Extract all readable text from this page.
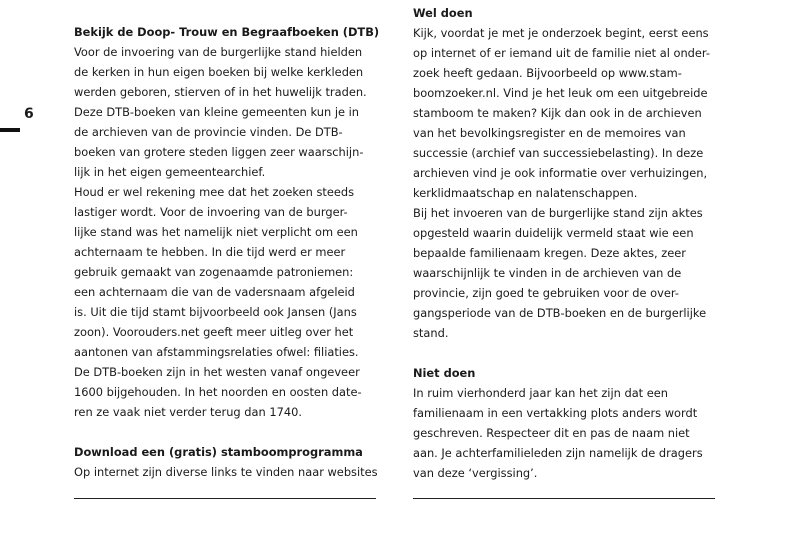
6
Bekijk de Doop- Trouw en Begraafboeken (DTB)
Voor de invoering van de burgerlijke stand hielden
de kerken in hun eigen boeken bij welke kerkleden
werden geboren, stierven of in het huwelijk traden.
Deze DTB-boeken van kleine gemeenten kun je in
de archieven van de provincie vinden. De DTB-
boeken van grotere steden liggen zeer waarschijn-
lijk in het eigen gemeentearchief.
Houd er wel rekening mee dat het zoeken steeds
lastiger wordt. Voor de invoering van de burger-
lijke stand was het namelijk niet verplicht om een
achternaam te hebben. In die tijd werd er meer
gebruik gemaakt van zogenaamde patroniemen:
een achternaam die van de vadersnaam afgeleid
is. Uit die tijd stamt bijvoorbeeld ook Jansen (Jans
zoon). Voorouders.net geeft meer uitleg over het
aantonen van afstammingsrelaties ofwel: filiaties.
De DTB-boeken zijn in het westen vanaf ongeveer
1600 bijgehouden. In het noorden en oosten date-
ren ze vaak niet verder terug dan 1740.
Download een (gratis) stamboomprogramma
Op internet zijn diverse links te vinden naar websites
Wel doen
Kijk, voordat je met je onderzoek begint, eerst eens
op internet of er iemand uit de familie niet al onder-
zoek heeft gedaan. Bijvoorbeeld op www.stam-
boomzoeker.nl. Vind je het leuk om een uitgebreide
stamboom te maken? Kijk dan ook in de archieven
van het bevolkingsregister en de memoires van
successie (archief van successiebelasting). In deze
archieven vind je ook informatie over verhuizingen,
kerklidmaatschap en nalatenschappen.
Bij het invoeren van de burgerlijke stand zijn aktes
opgesteld waarin duidelijk vermeld staat wie een
bepaalde familienaam kregen. Deze aktes, zeer
waarschijnlijk te vinden in de archieven van de
provincie, zijn goed te gebruiken voor de over-
gangsperiode van de DTB-boeken en de burgerlijke
stand.
Niet doen
In ruim vierhonderd jaar kan het zijn dat een
familienaam in een vertakking plots anders wordt
geschreven. Respecteer dit en pas de naam niet
aan. Je achterfamilieleden zijn namelijk de dragers
van deze ‘vergissing’.
